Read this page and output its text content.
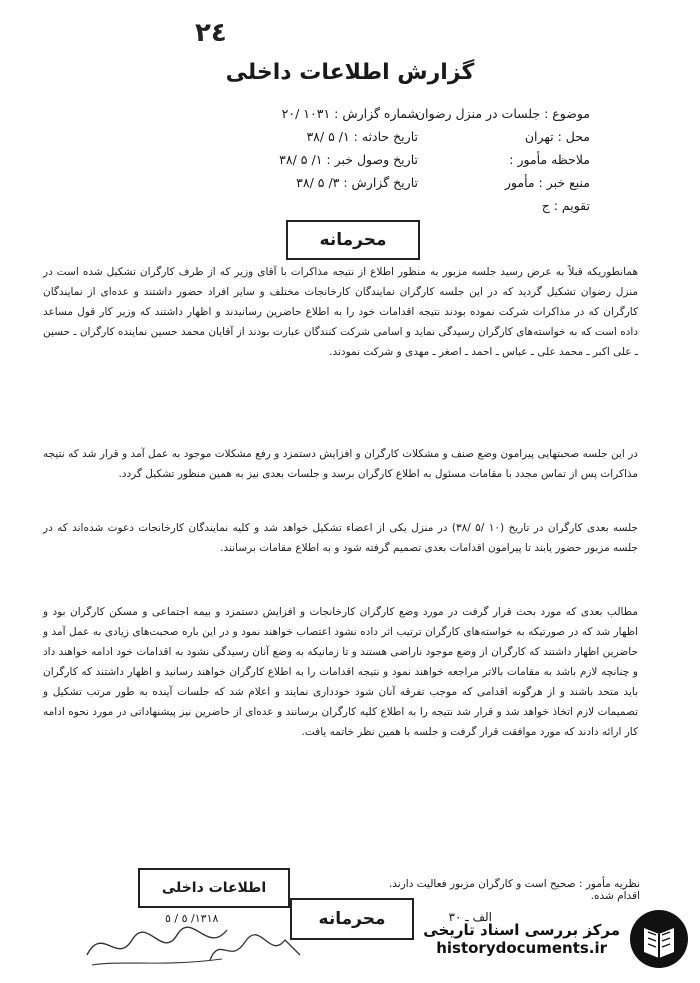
٢٤
گزارش اطلاعات داخلی
موضوع : جلسات در منزل رضوان
محل : تهران
ملاحظه مأمور :
منبع خبر : مأمور
تقویم : ج
شماره گزارش : ١٠٣١ /٢٠
تاریخ حادثه : ١/ ۵ /٣٨
تاریخ وصول خبر : ١/ ۵ /٣٨
تاریخ گزارش : ٣/ ۵ /٣٨
محرمانه

همانطوریکه قبلاً به عرض رسید جلسه مزبور به منظور اطلاع از نتیجه مذاکرات با آقای وزیر که از طرف کارگران تشکیل شده است در منزل رضوان تشکیل گردید که در این جلسه کارگران نمایندگان کارخانجات مختلف و سایر افراد حضور داشتند و عده‌ای از نمایندگان کارگران که در مذاکرات شرکت نموده بودند نتیجه اقدامات خود را به اطلاع حاضرین رسانیدند و اظهار داشتند که وزیر کار قول مساعد داده است که به خواسته‌های کارگران رسیدگی نماید و اسامی شرکت کنندگان عبارت بودند از آقایان محمد حسین نماینده کارگران ـ حسین ـ علی اکبر ـ محمد علی ـ عباس ـ احمد ـ اصغر ـ مهدی و شرکت نمودند.

در این جلسه صحبتهایی پیرامون وضع صنف و مشکلات کارگران و افزایش دستمزد و رفع مشکلات موجود به عمل آمد و قرار شد که نتیجه مذاکرات پس از تماس مجدد با مقامات مسئول به اطلاع کارگران برسد و جلسات بعدی نیز به همین منظور تشکیل گردد.

جلسه بعدی کارگران در تاریخ (١٠ /۵ /٣٨) در منزل یکی از اعضاء تشکیل خواهد شد و کلیه نمایندگان کارخانجات دعوت شده‌اند که در جلسه مزبور حضور یابند تا پیرامون اقدامات بعدی تصمیم گرفته شود و به اطلاع مقامات برسانند.

مطالب بعدی که مورد بحث قرار گرفت در مورد وضع کارگران کارخانجات و افزایش دستمزد و بیمه اجتماعی و مسکن کارگران بود و اظهار شد که در صورتیکه به خواسته‌های کارگران ترتیب اثر داده نشود اعتصاب خواهند نمود و در این باره صحبت‌های زیادی به عمل آمد و حاضرین اظهار داشتند که کارگران از وضع موجود ناراضی هستند و تا زمانیکه به وضع آنان رسیدگی نشود به اقدامات خود ادامه خواهند داد و چنانچه لازم باشد به مقامات بالاتر مراجعه خواهند نمود و نتیجه اقدامات را به اطلاع کارگران خواهند رسانید و اظهار داشتند که کارگران باید متحد باشند و از هرگونه اقدامی که موجب تفرقه آنان شود خودداری نمایند و اعلام شد که جلسات آینده به طور مرتب تشکیل و تصمیمات لازم اتخاذ خواهد شد و قرار شد نتیجه را به اطلاع کلیه کارگران برسانند و عده‌ای از حاضرین نیز پیشنهاداتی در مورد نحوه ادامه کار ارائه دادند که مورد موافقت قرار گرفت و جلسه با همین نظر خاتمه یافت.

نظریه مأمور : صحیح است و کارگران مزبور فعالیت دارند.
اقدام شده.
اطلاعات داخلی
محرمانه	الف ـ ٣٠
١٣١٨/ ٥ / ٥
مرکز بررسی اسناد تاریخی
historydocuments.ir
